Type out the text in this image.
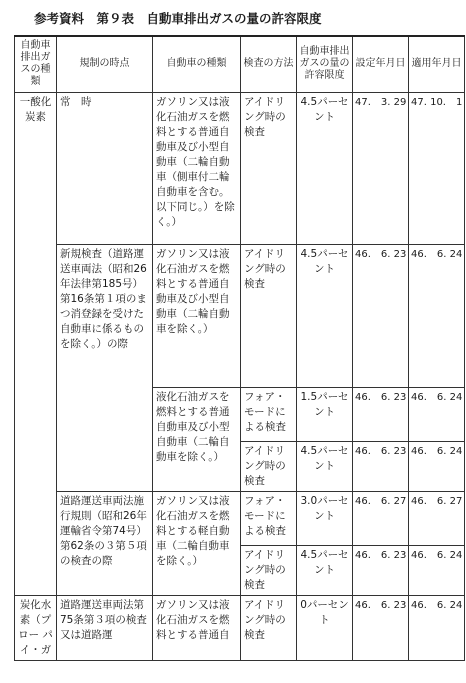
参考資料　第９表　自動車排出ガスの量の許容限度
自動車排出ガスの種類	規制の時点	自動車の種類	検査の方法	自動車排出ガスの量の許容限度	設定年月日	適用年月日
一酸化炭素	常　時	ガソリン又は液化石油ガスを燃料とする普通自動車及び小型自動車（二輪自動車（側車付二輪自動車を含む。以下同じ。）を除く。）	アイドリング時の検査	4.5パーセント	47.　3. 29	47. 10.　1
	新規検査（道路運送車両法（昭和26年法律第185号）第16条第１項のまつ消登録を受けた自動車に係るものを除く。）の際	ガソリン又は液化石油ガスを燃料とする普通自動車及び小型自動車（二輪自動車を除く。）	アイドリング時の検査	4.5パーセント	46.　6. 23	46.　6. 24
		液化石油ガスを燃料とする普通自動車及び小型自動車（二輪自動車を除く。）	フォア・モードによる検査	1.5パーセント	46.　6. 23	46.　6. 24
			アイドリング時の検査	4.5パーセント	46.　6. 23	46.　6. 24
	道路運送車両法施行規則（昭和26年運輸省令第74号）第62条の３第５項の検査の際	ガソリン又は液化石油ガスを燃料とする軽自動車（二輪自動車を除く。）	フォア・モードによる検査	3.0パーセント	46.　6. 27	46.　6. 27
			アイドリング時の検査	4.5パーセント	46.　6. 23	46.　6. 24
炭化水素（プロー パイ・ガ	道路運送車両法第75条第３項の検査又は道路運	ガソリン又は液化石油ガスを燃料とする普通自	アイドリング時の検査	0パーセント	46.　6. 23	46.　6. 24
